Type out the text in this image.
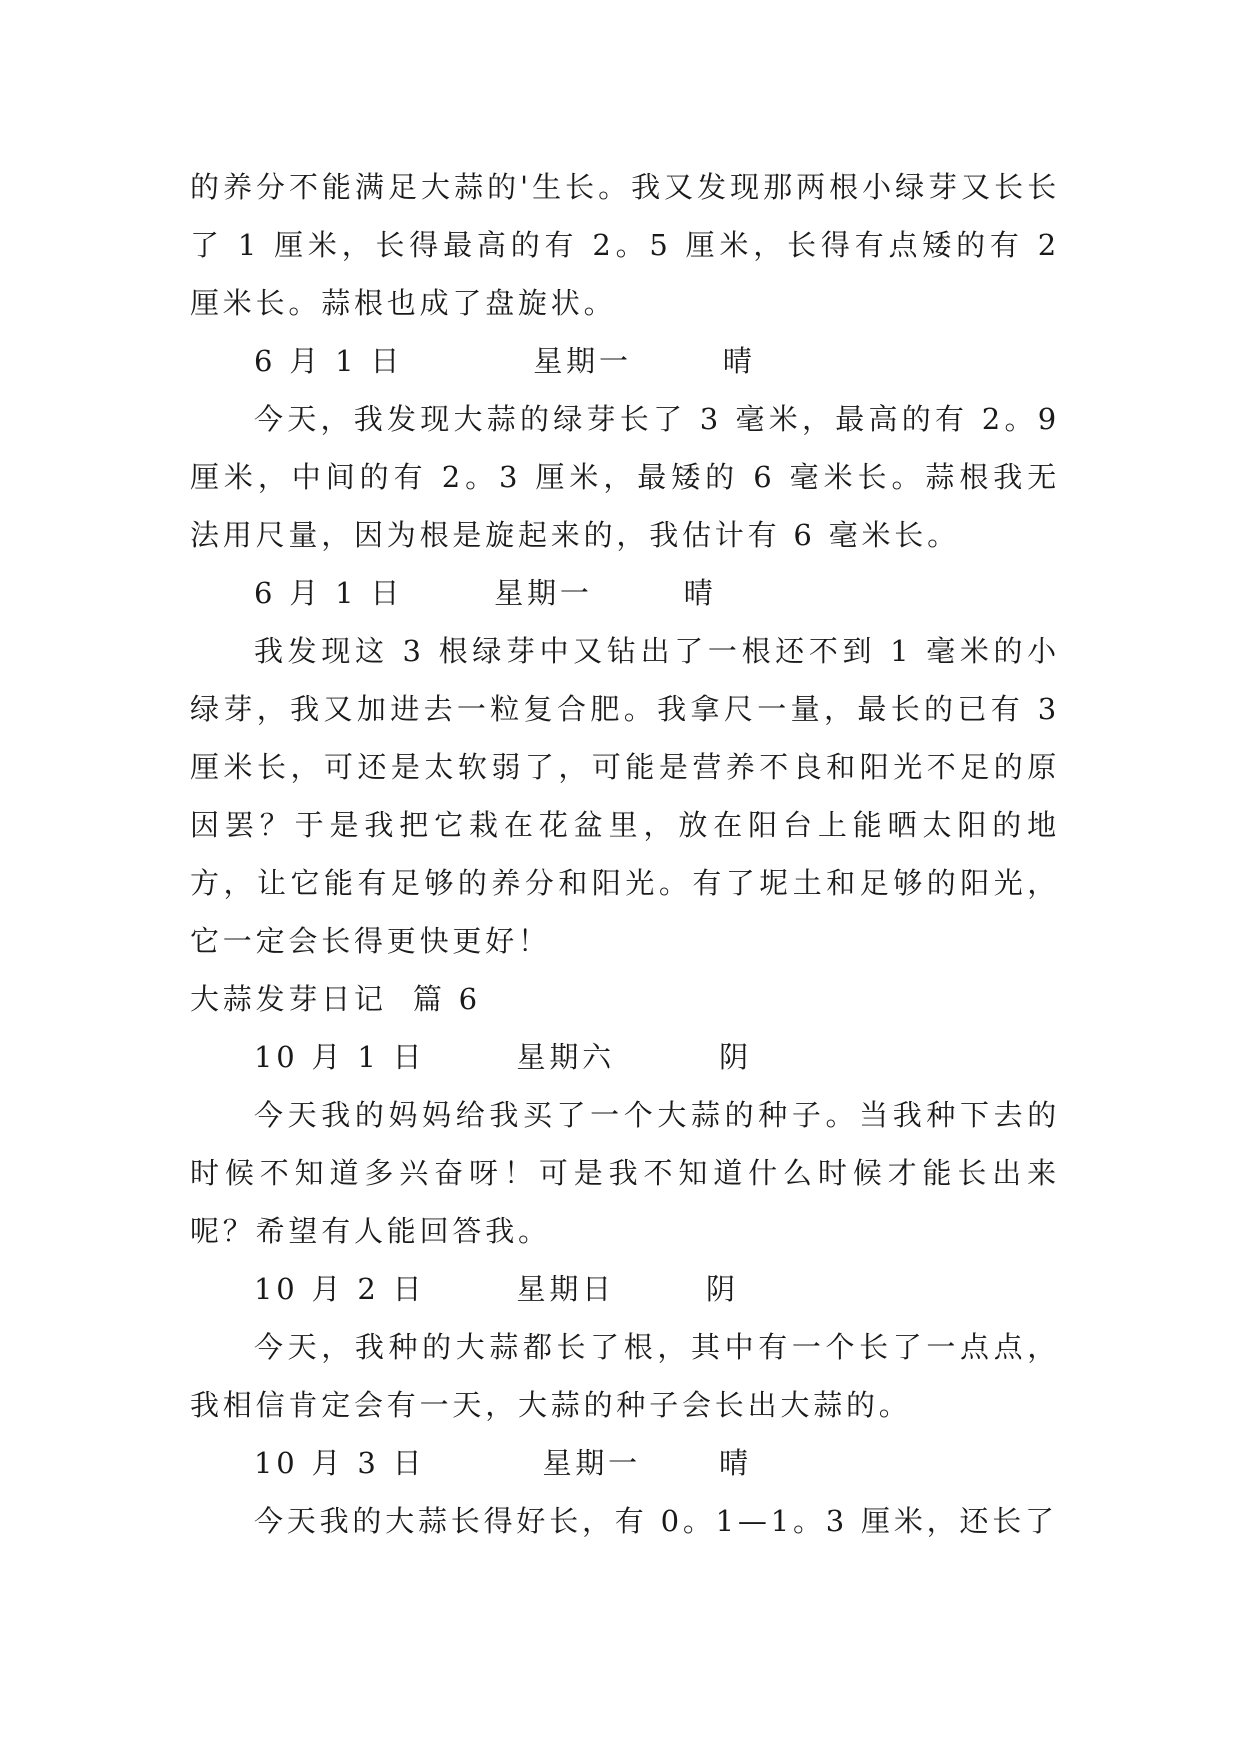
的养分不能满足大蒜的'生长。我又发现那两根小绿芽又长长了 1 厘米，长得最高的有 2。5 厘米，长得有点矮的有 2 厘米长。蒜根也成了盘旋状。

6 月 1 日          星期一       晴

今天，我发现大蒜的绿芽长了 3 毫米，最高的有 2。9 厘米，中间的有 2。3 厘米，最矮的 6 毫米长。蒜根我无法用尺量，因为根是旋起来的，我估计有 6 毫米长。

6 月 1 日       星期一       晴

我发现这 3 根绿芽中又钻出了一根还不到 1 毫米的小绿芽，我又加进去一粒复合肥。我拿尺一量，最长的已有 3 厘米长，可还是太软弱了，可能是营养不良和阳光不足的原因罢？于是我把它栽在花盆里，放在阳台上能晒太阳的地方，让它能有足够的养分和阳光。有了坭土和足够的阳光，它一定会长得更快更好！

大蒜发芽日记  篇 6

10 月 1 日       星期六        阴

今天我的妈妈给我买了一个大蒜的种子。当我种下去的时候不知道多兴奋呀！可是我不知道什么时候才能长出来呢？希望有人能回答我。

10 月 2 日       星期日       阴

今天，我种的大蒜都长了根，其中有一个长了一点点，我相信肯定会有一天，大蒜的种子会长出大蒜的。

10 月 3 日         星期一      晴

今天我的大蒜长得好长，有 0。1—1。3 厘米，还长了
